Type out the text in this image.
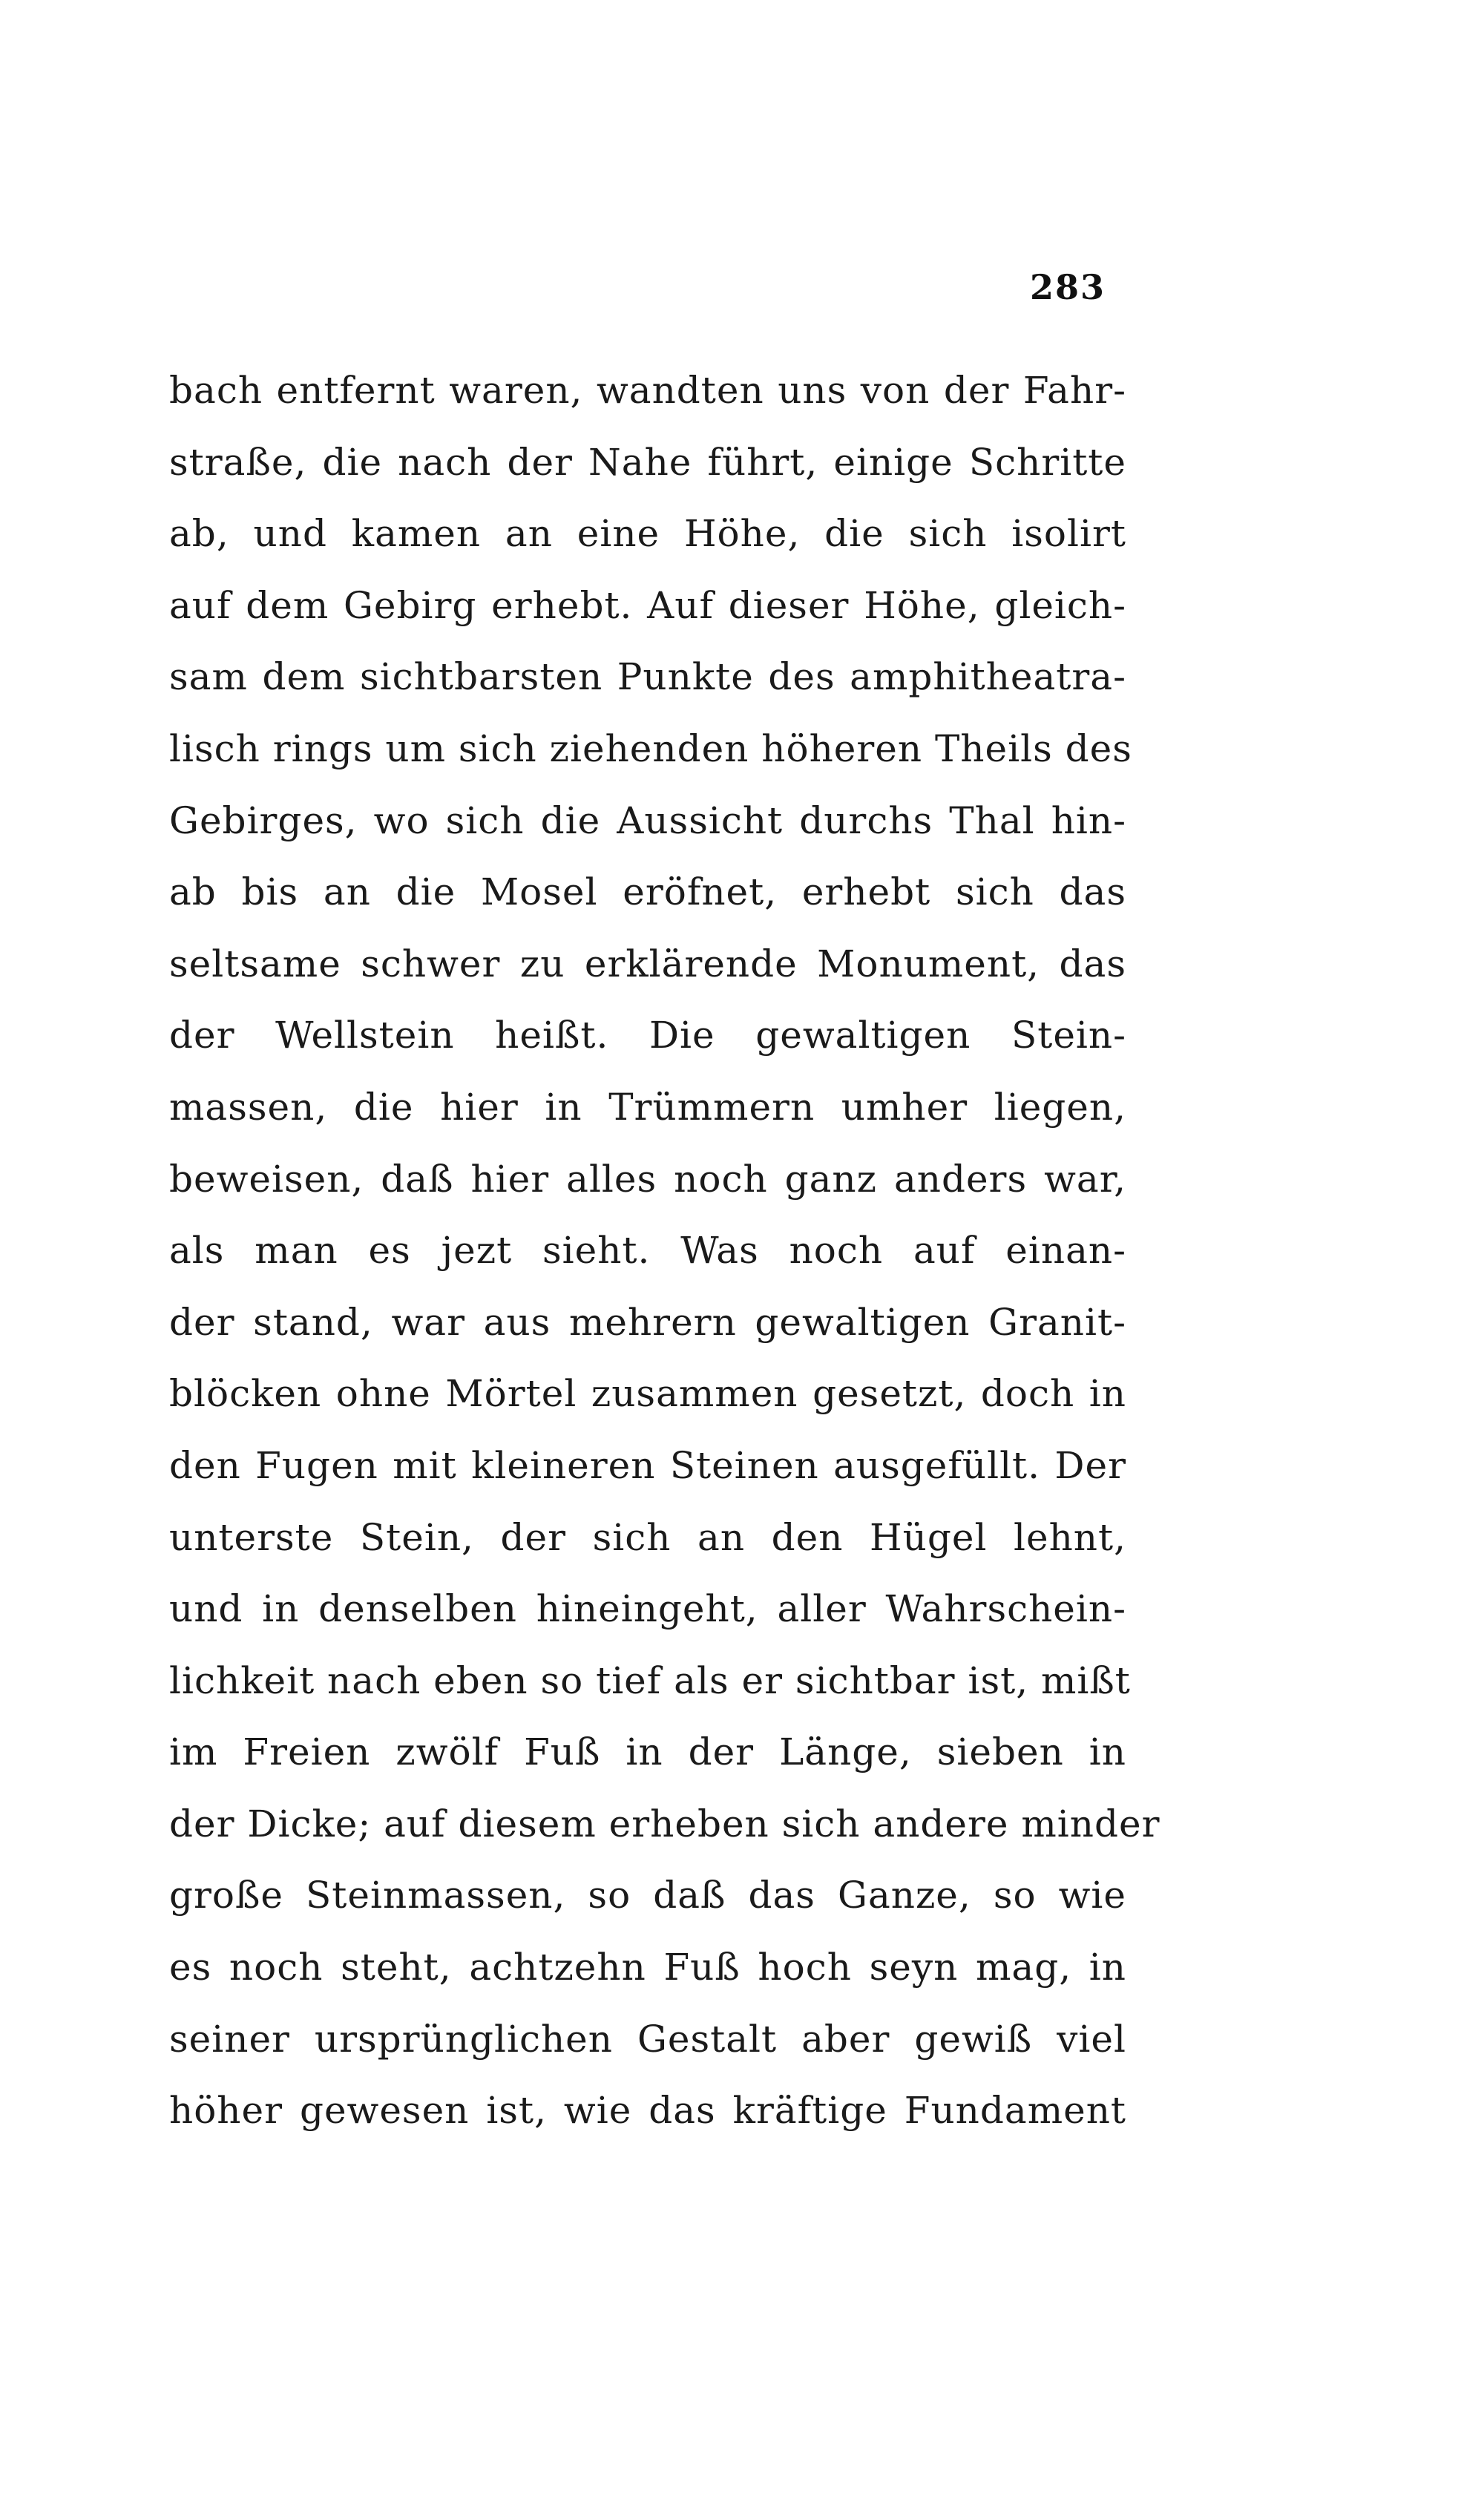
283
bach entfernt waren, wandten uns von der Fahr-
straße, die nach der Nahe führt, einige Schritte
ab, und kamen an eine Höhe, die sich isolirt
auf dem Gebirg erhebt. Auf dieser Höhe, gleich-
sam dem sichtbarsten Punkte des amphitheatra-
lisch rings um sich ziehenden höheren Theils des
Gebirges, wo sich die Aussicht durchs Thal hin-
ab bis an die Mosel eröfnet, erhebt sich das
seltsame schwer zu erklärende Monument, das
der Wellstein heißt. Die gewaltigen Stein-
massen, die hier in Trümmern umher liegen,
beweisen, daß hier alles noch ganz anders war,
als man es jezt sieht. Was noch auf einan-
der stand, war aus mehrern gewaltigen Granit-
blöcken ohne Mörtel zusammen gesetzt, doch in
den Fugen mit kleineren Steinen ausgefüllt. Der
unterste Stein, der sich an den Hügel lehnt,
und in denselben hineingeht, aller Wahrschein-
lichkeit nach eben so tief als er sichtbar ist, mißt
im Freien zwölf Fuß in der Länge, sieben in
der Dicke; auf diesem erheben sich andere minder
große Steinmassen, so daß das Ganze, so wie
es noch steht, achtzehn Fuß hoch seyn mag, in
seiner ursprünglichen Gestalt aber gewiß viel
höher gewesen ist, wie das kräftige Fundament
